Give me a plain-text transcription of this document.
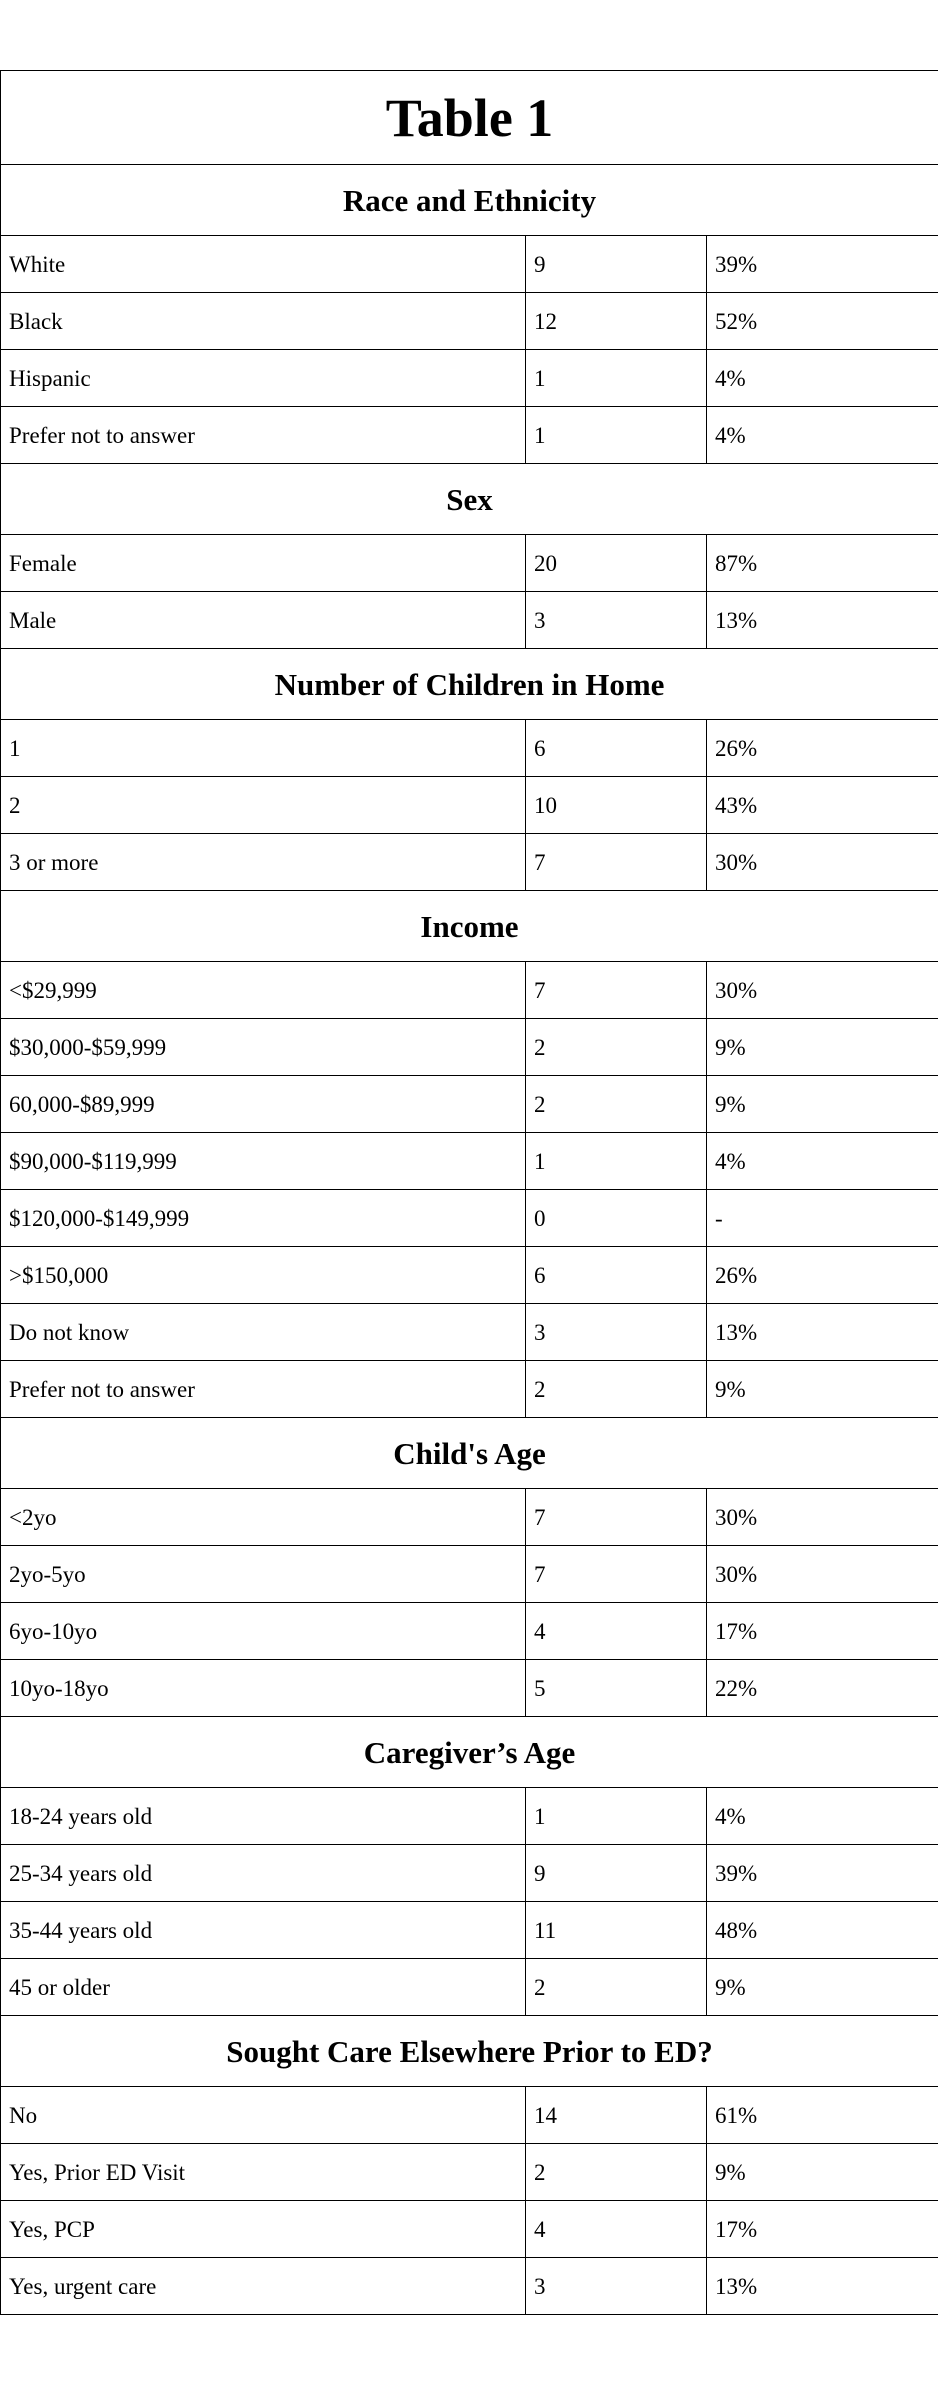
Table 1		
Race and Ethnicity		
White	9	39%
Black	12	52%
Hispanic	1	4%
Prefer not to answer	1	4%
Sex		
Female	20	87%
Male	3	13%
Number of Children in Home		
1	6	26%
2	10	43%
3 or more	7	30%
Income		
<$29,999	7	30%
$30,000-$59,999	2	9%
60,000-$89,999	2	9%
$90,000-$119,999	1	4%
$120,000-$149,999	0	-
>$150,000	6	26%
Do not know	3	13%
Prefer not to answer	2	9%
Child's Age		
<2yo	7	30%
2yo-5yo	7	30%
6yo-10yo	4	17%
10yo-18yo	5	22%
Caregiver’s Age		
18-24 years old	1	4%
25-34 years old	9	39%
35-44 years old	11	48%
45 or older	2	9%
Sought Care Elsewhere Prior to ED?		
No	14	61%
Yes, Prior ED Visit	2	9%
Yes, PCP	4	17%
Yes, urgent care	3	13%
